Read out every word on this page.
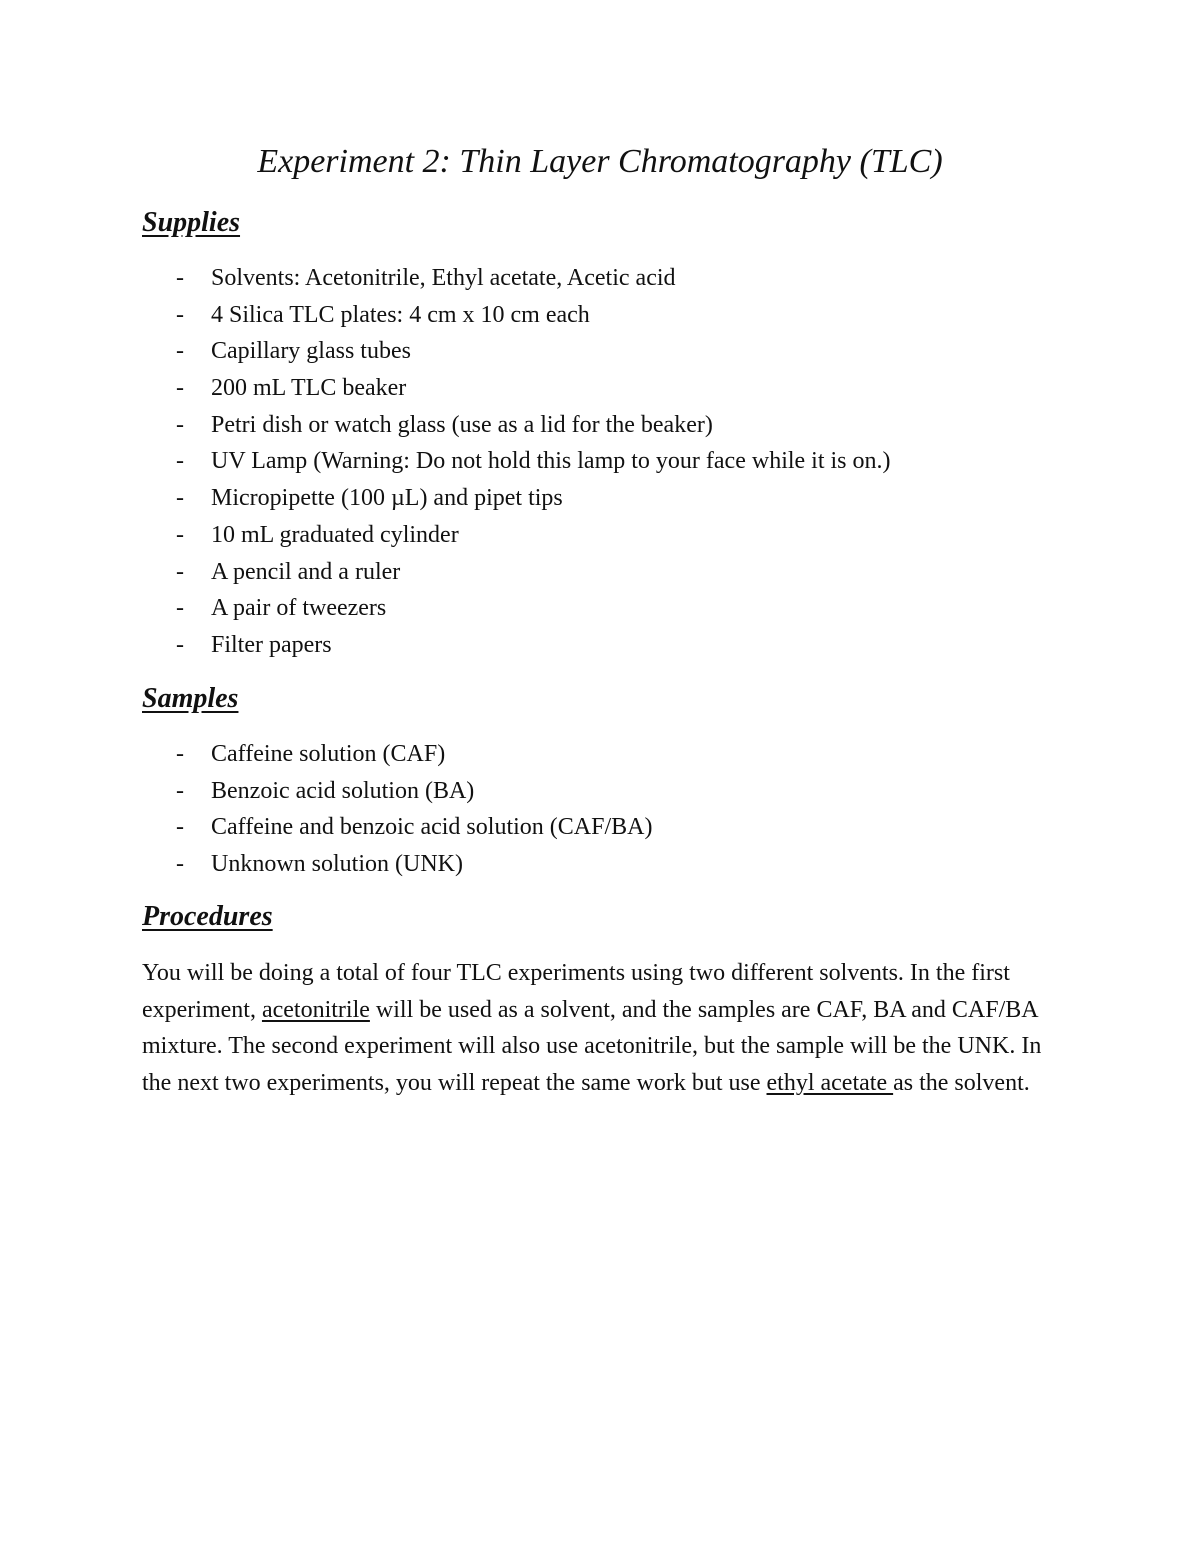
Experiment 2: Thin Layer Chromatography (TLC)
Supplies
- Solvents: Acetonitrile, Ethyl acetate, Acetic acid
- 4 Silica TLC plates: 4 cm x 10 cm each
- Capillary glass tubes
- 200 mL TLC beaker
- Petri dish or watch glass (use as a lid for the beaker)
- UV Lamp (Warning: Do not hold this lamp to your face while it is on.)
- Micropipette (100 µL) and pipet tips
- 10 mL graduated cylinder
- A pencil and a ruler
- A pair of tweezers
- Filter papers
Samples
- Caffeine solution (CAF)
- Benzoic acid solution (BA)
- Caffeine and benzoic acid solution (CAF/BA)
- Unknown solution (UNK)
Procedures

You will be doing a total of four TLC experiments using two different solvents. In the first experiment, acetonitrile will be used as a solvent, and the samples are CAF, BA and CAF/BA mixture. The second experiment will also use acetonitrile, but the sample will be the UNK. In the next two experiments, you will repeat the same work but use ethyl acetate as the solvent.
